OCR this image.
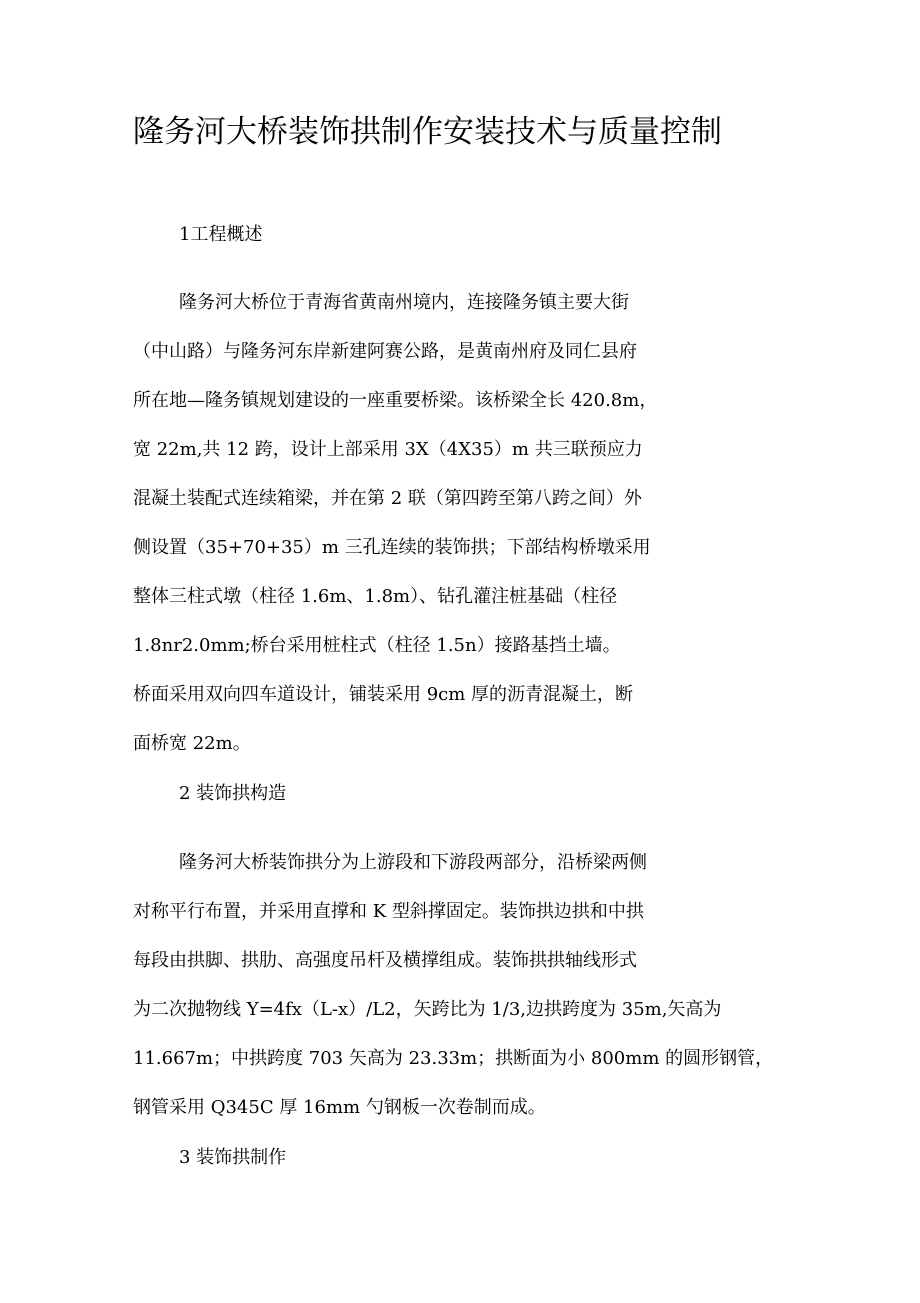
隆务河大桥装饰拱制作安装技术与质量控制
1工程概述
隆务河大桥位于青海省黄南州境内，连接隆务镇主要大街
（中山路）与隆务河东岸新建阿赛公路，是黄南州府及同仁县府
所在地—隆务镇规划建设的一座重要桥梁。该桥梁全长 420.8m，
宽 22m,共 12 跨，设计上部采用 3X（4X35）m 共三联预应力
混凝土装配式连续箱梁，并在第 2 联（第四跨至第八跨之间）外
侧设置（35+70+35）m 三孔连续的装饰拱；下部结构桥墩采用
整体三柱式墩（柱径 1.6m、1.8m）、钻孔灌注桩基础（柱径
1.8nr2.0mm;桥台采用桩柱式（柱径 1.5n）接路基挡土墙。
桥面采用双向四车道设计，铺装采用 9cm 厚的沥青混凝土，断
面桥宽 22m。
2 装饰拱构造
隆务河大桥装饰拱分为上游段和下游段两部分，沿桥梁两侧
对称平行布置，并采用直撑和 K 型斜撑固定。装饰拱边拱和中拱
每段由拱脚、拱肋、高强度吊杆及横撑组成。装饰拱拱轴线形式
为二次抛物线 Y=4fx（L-x）/L2，矢跨比为 1/3,边拱跨度为 35m,矢高为
11.667m；中拱跨度 703 矢高为 23.33m；拱断面为小 800mm 的圆形钢管，
钢管采用 Q345C 厚 16mm 勺钢板一次卷制而成。
3 装饰拱制作
